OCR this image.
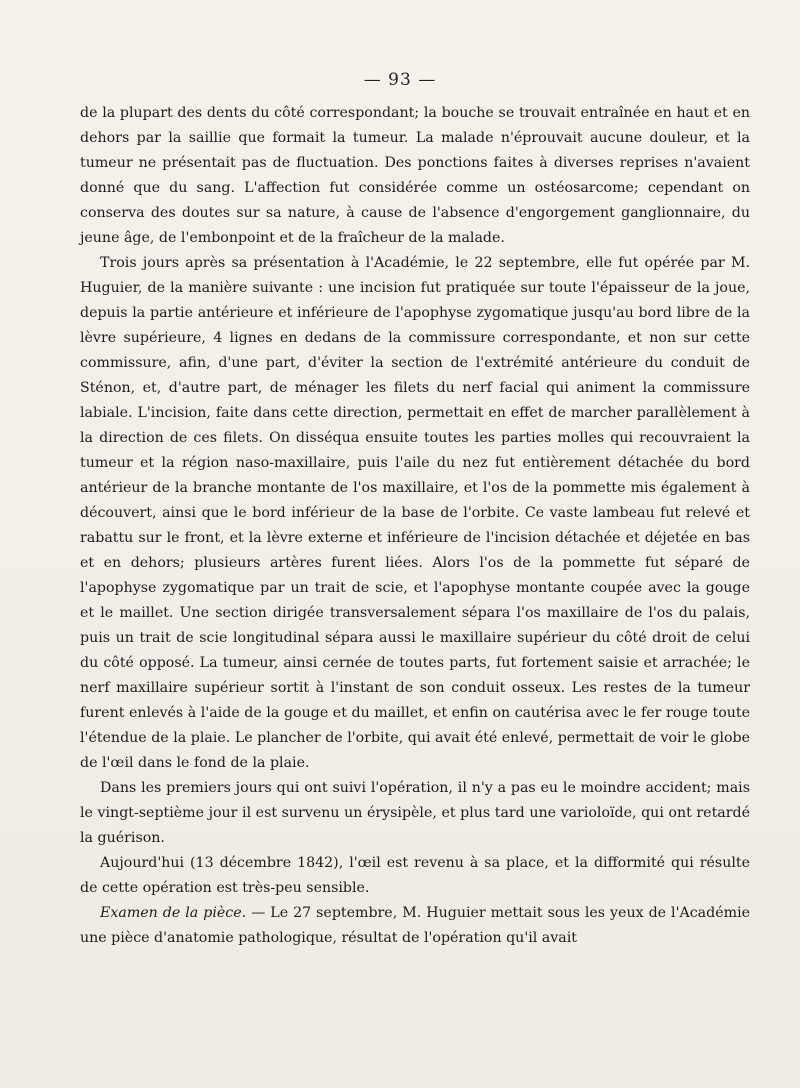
— 93 —

de la plupart des dents du côté correspondant; la bouche se trouvait entraînée en haut et en dehors par la saillie que formait la tumeur. La malade n'éprouvait aucune douleur, et la tumeur ne présentait pas de fluctuation. Des ponctions faites à diverses reprises n'avaient donné que du sang. L'affection fut considérée comme un ostéosarcome; cependant on conserva des doutes sur sa nature, à cause de l'absence d'engorgement ganglionnaire, du jeune âge, de l'embonpoint et de la fraîcheur de la malade.

Trois jours après sa présentation à l'Académie, le 22 septembre, elle fut opérée par M. Huguier, de la manière suivante : une incision fut pratiquée sur toute l'épaisseur de la joue, depuis la partie antérieure et inférieure de l'apophyse zygomatique jusqu'au bord libre de la lèvre supérieure, 4 lignes en dedans de la commissure correspondante, et non sur cette commissure, afin, d'une part, d'éviter la section de l'extrémité antérieure du conduit de Sténon, et, d'autre part, de ménager les filets du nerf facial qui animent la commissure labiale. L'incision, faite dans cette direction, permettait en effet de marcher parallèlement à la direction de ces filets. On disséqua ensuite toutes les parties molles qui recouvraient la tumeur et la région naso-maxillaire, puis l'aile du nez fut entièrement détachée du bord antérieur de la branche montante de l'os maxillaire, et l'os de la pommette mis également à découvert, ainsi que le bord inférieur de la base de l'orbite. Ce vaste lambeau fut relevé et rabattu sur le front, et la lèvre externe et inférieure de l'incision détachée et déjetée en bas et en dehors; plusieurs artères furent liées. Alors l'os de la pommette fut séparé de l'apophyse zygomatique par un trait de scie, et l'apophyse montante coupée avec la gouge et le maillet. Une section dirigée transversalement sépara l'os maxillaire de l'os du palais, puis un trait de scie longitudinal sépara aussi le maxillaire supérieur du côté droit de celui du côté opposé. La tumeur, ainsi cernée de toutes parts, fut fortement saisie et arrachée; le nerf maxillaire supérieur sortit à l'instant de son conduit osseux. Les restes de la tumeur furent enlevés à l'aide de la gouge et du maillet, et enfin on cautérisa avec le fer rouge toute l'étendue de la plaie. Le plancher de l'orbite, qui avait été enlevé, permettait de voir le globe de l'œil dans le fond de la plaie.

Dans les premiers jours qui ont suivi l'opération, il n'y a pas eu le moindre accident; mais le vingt-septième jour il est survenu un érysipèle, et plus tard une varioloïde, qui ont retardé la guérison.

Aujourd'hui (13 décembre 1842), l'œil est revenu à sa place, et la difformité qui résulte de cette opération est très-peu sensible.

Examen de la pièce. — Le 27 septembre, M. Huguier mettait sous les yeux de l'Académie une pièce d'anatomie pathologique, résultat de l'opération qu'il avait
